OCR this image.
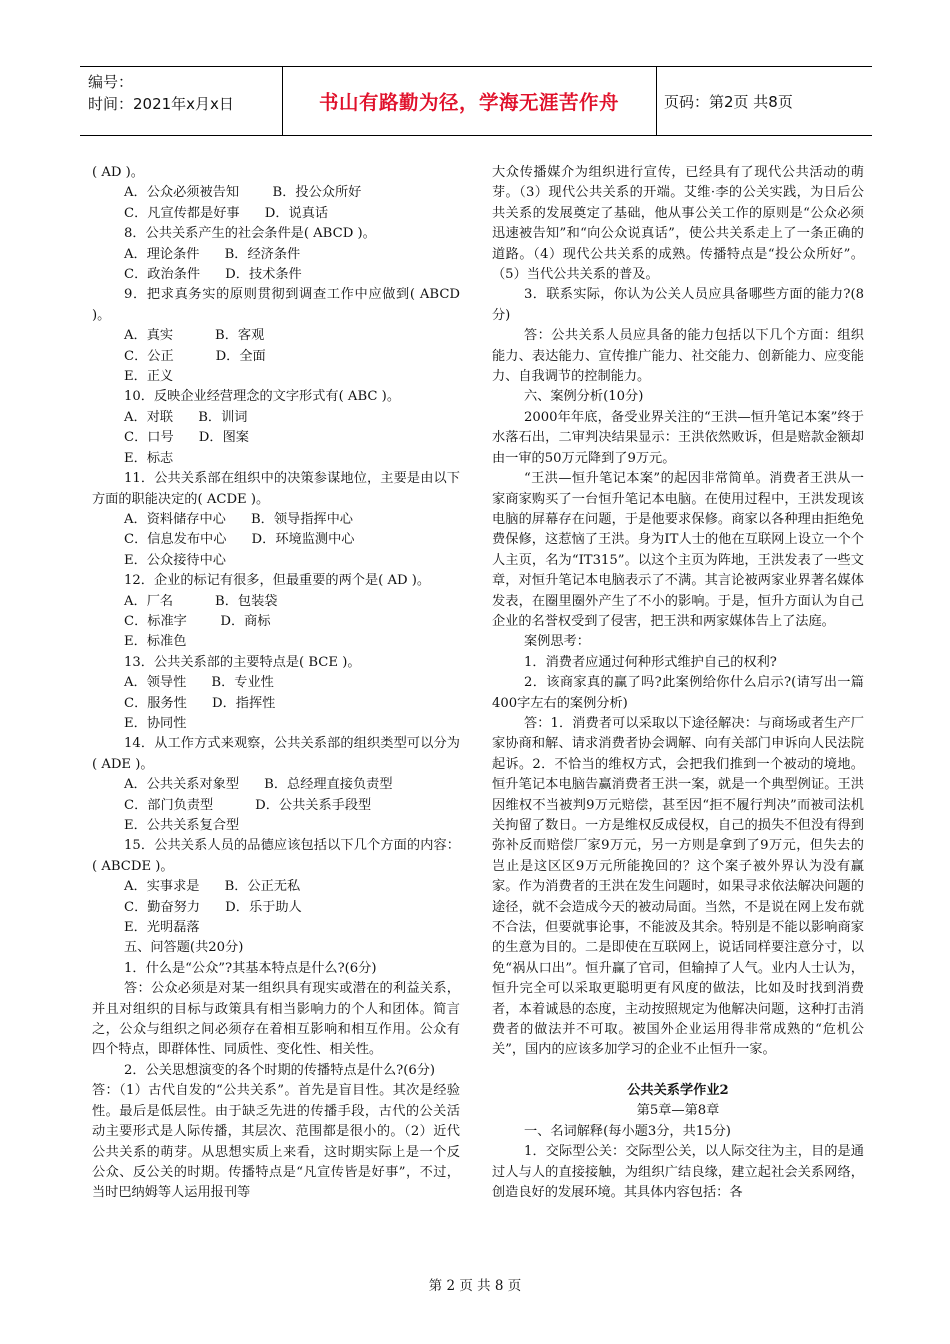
编号：
时间：2021年x月x日	书山有路勤为径，学海无涯苦作舟	页码：第2页 共8页

( AD )。

A．公众必须被告知        B．投公众所好

C．凡宣传都是好事      D．说真话

8．公共关系产生的社会条件是( ABCD )。

A．理论条件      B．经济条件

C．政治条件      D．技术条件

9．把求真务实的原则贯彻到调查工作中应做到( ABCD )。

A．真实          B．客观

C．公正          D．全面

E．正义

10．反映企业经营理念的文字形式有( ABC )。

A．对联      B．训词

C．口号      D．图案

E．标志

11．公共关系部在组织中的决策参谋地位，主要是由以下方面的职能决定的( ACDE )。

A．资料储存中心      B．领导指挥中心

C．信息发布中心      D．环境监测中心

E．公众接待中心

12．企业的标记有很多，但最重要的两个是( AD )。

A．厂名          B．包装袋

C．标准字        D．商标

E．标准色

13．公共关系部的主要特点是( BCE )。

A．领导性      B．专业性

C．服务性      D．指挥性

E．协同性

14．从工作方式来观察，公共关系部的组织类型可以分为( ADE )。

A．公共关系对象型      B．总经理直接负责型

C．部门负责型          D．公共关系手段型

E．公共关系复合型

15．公共关系人员的品德应该包括以下几个方面的内容：( ABCDE )。

A．实事求是      B．公正无私

C．勤奋努力      D．乐于助人

E．光明磊落

五、问答题(共20分)

1．什么是“公众”?其基本特点是什么?(6分)

答：公众必须是对某一组织具有现实或潜在的利益关系，并且对组织的目标与政策具有相当影响力的个人和团体。简言之，公众与组织之间必须存在着相互影响和相互作用。公众有四个特点，即群体性、同质性、变化性、相关性。

2．公关思想演变的各个时期的传播特点是什么?(6分)

答：（1）古代自发的“公共关系”。首先是盲目性。其次是经验性。最后是低层性。由于缺乏先进的传播手段，古代的公关活动主要形式是人际传播，其层次、范围都是很小的。（2）近代公共关系的萌芽。从思想实质上来看，这时期实际上是一个反公众、反公关的时期。传播特点是“凡宣传皆是好事”，不过，当时巴纳姆等人运用报刊等

大众传播媒介为组织进行宣传，已经具有了现代公共活动的萌芽。（3）现代公共关系的开端。艾维·李的公关实践，为日后公共关系的发展奠定了基础，他从事公关工作的原则是“公众必须迅速被告知”和“向公众说真话”，使公共关系走上了一条正确的道路。（4）现代公共关系的成熟。传播特点是“投公众所好”。（5）当代公共关系的普及。

3．联系实际，你认为公关人员应具备哪些方面的能力?(8分)

答：公共关系人员应具备的能力包括以下几个方面：组织能力、表达能力、宣传推广能力、社交能力、创新能力、应变能力、自我调节的控制能力。

六、案例分析(10分)

2000年年底，备受业界关注的“王洪—恒升笔记本案”终于水落石出，二审判决结果显示：王洪依然败诉，但是赔款金额却由一审的50万元降到了9万元。

“王洪—恒升笔记本案”的起因非常简单。消费者王洪从一家商家购买了一台恒升笔记本电脑。在使用过程中，王洪发现该电脑的屏幕存在问题，于是他要求保修。商家以各种理由拒绝免费保修，这惹恼了王洪。身为IT人士的他在互联网上设立一个个人主页，名为“IT315”。以这个主页为阵地，王洪发表了一些文章，对恒升笔记本电脑表示了不满。其言论被两家业界著名媒体发表，在圈里圈外产生了不小的影响。于是，恒升方面认为自己企业的名誉权受到了侵害，把王洪和两家媒体告上了法庭。

案例思考：

1．消费者应通过何种形式维护自己的权利?

2．该商家真的赢了吗?此案例给你什么启示?(请写出一篇400字左右的案例分析)

答：1．消费者可以采取以下途径解决：与商场或者生产厂家协商和解、请求消费者协会调解、向有关部门申诉向人民法院起诉。2．不恰当的维权方式，会把我们推到一个被动的境地。恒升笔记本电脑告赢消费者王洪一案，就是一个典型例证。王洪因维权不当被判9万元赔偿，甚至因“拒不履行判决”而被司法机关拘留了数日。一方是维权反成侵权，自己的损失不但没有得到弥补反而赔偿厂家9万元，另一方则是拿到了9万元，但失去的岂止是这区区9万元所能挽回的？这个案子被外界认为没有赢家。作为消费者的王洪在发生问题时，如果寻求依法解决问题的途径，就不会造成今天的被动局面。当然，不是说在网上发布就不合法，但要就事论事，不能波及其余。特别是不能以影响商家的生意为目的。二是即使在互联网上，说话同样要注意分寸，以免“祸从口出”。恒升赢了官司，但输掉了人气。业内人士认为，恒升完全可以采取更聪明更有风度的做法，比如及时找到消费者，本着诚恳的态度，主动按照规定为他解决问题，这种打击消费者的做法并不可取。被国外企业运用得非常成熟的“危机公关”，国内的应该多加学习的企业不止恒升一家。

公共关系学作业2

第5章—第8章

一、名词解释(每小题3分，共15分)

1．交际型公关：交际型公关，以人际交往为主，目的是通过人与人的直接接触，为组织广结良缘，建立起社会关系网络，创造良好的发展环境。其具体内容包括：各

第 2 页 共 8 页
